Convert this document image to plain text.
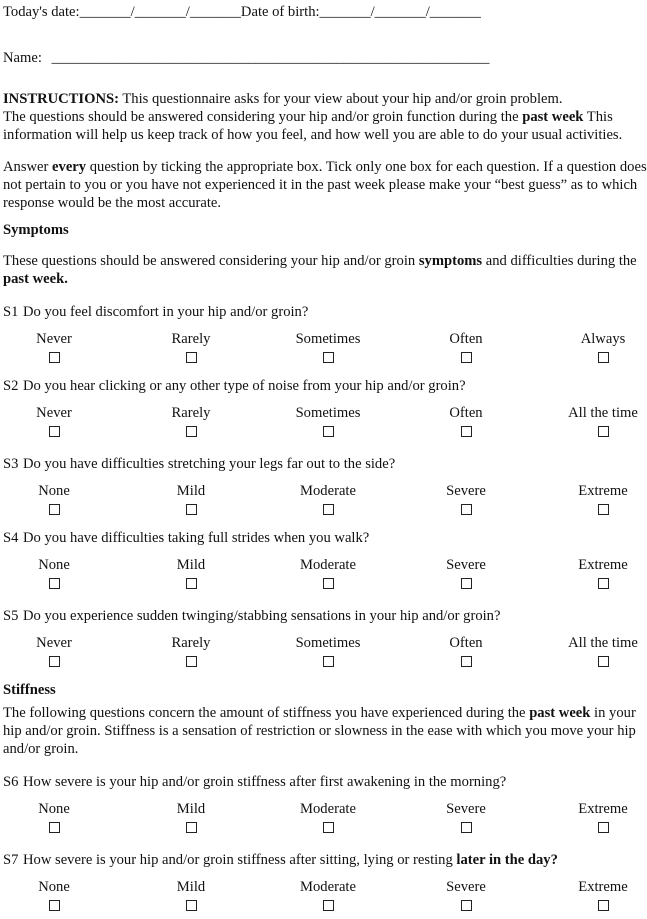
Today's date:_______/_______/_______Date of birth:_______/_______/_______
Name: ____________________________________________________________
INSTRUCTIONS: This questionnaire asks for your view about your hip and/or groin problem.
The questions should be answered considering your hip and/or groin function during the past week This information will help us keep track of how you feel, and how well you are able to do your usual activities.
Answer every question by ticking the appropriate box. Tick only one box for each question. If a question does not pertain to you or you have not experienced it in the past week please make your “best guess” as to which response would be the most accurate.
Symptoms
These questions should be answered considering your hip and/or groin symptoms and difficulties during the past week.
S1 Do you feel discomfort in your hip and/or groin?
Never	Rarely	Sometimes	Often	Always
S2 Do you hear clicking or any other type of noise from your hip and/or groin?
Never	Rarely	Sometimes	Often	All the time
S3 Do you have difficulties stretching your legs far out to the side?
None	Mild	Moderate	Severe	Extreme
S4 Do you have difficulties taking full strides when you walk?
None	Mild	Moderate	Severe	Extreme
S5 Do you experience sudden twinging/stabbing sensations in your hip and/or groin?
Never	Rarely	Sometimes	Often	All the time
Stiffness
The following questions concern the amount of stiffness you have experienced during the past week in your hip and/or groin. Stiffness is a sensation of restriction or slowness in the ease with which you move your hip and/or groin.
S6 How severe is your hip and/or groin stiffness after first awakening in the morning?
None	Mild	Moderate	Severe	Extreme
S7 How severe is your hip and/or groin stiffness after sitting, lying or resting later in the day?
None	Mild	Moderate	Severe	Extreme
